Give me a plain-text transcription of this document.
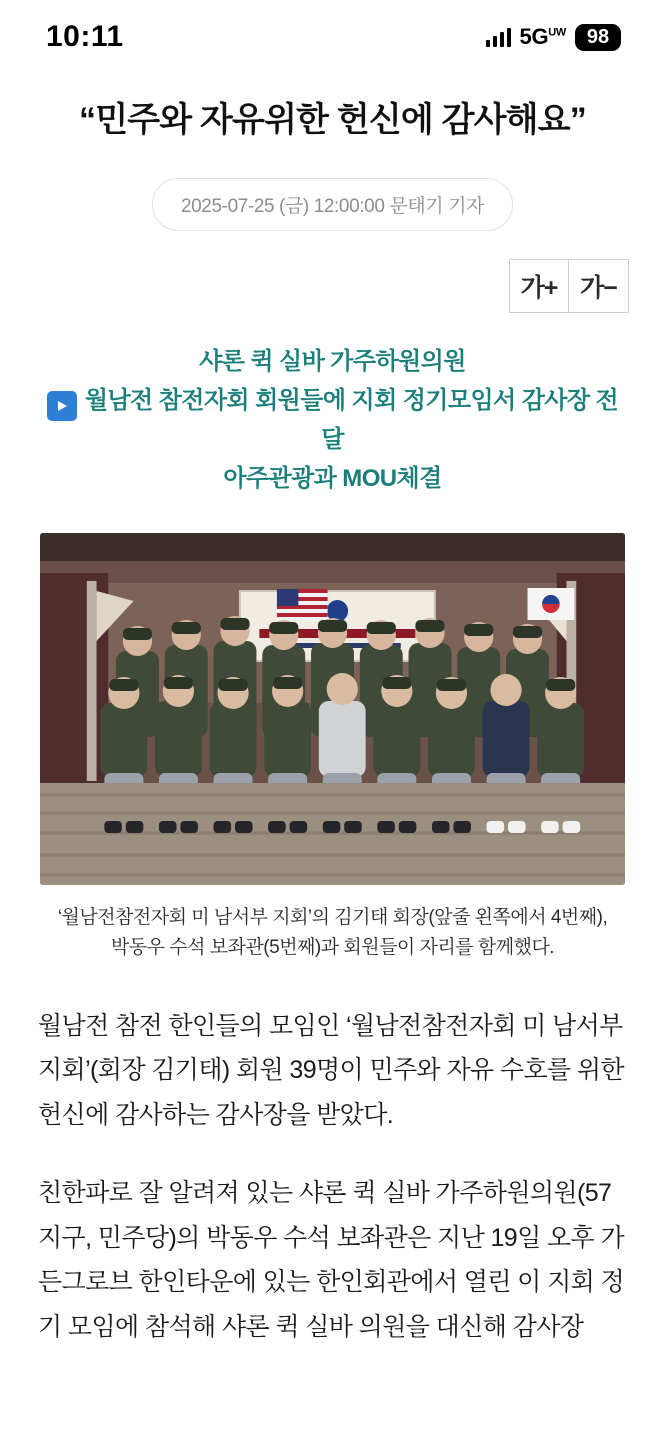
10:11	$5G^{UW}$	98
“민주와 자유위한 헌신에 감사해요”
2025-07-25 (금) 12:00:00 문태기 기자
가+ 가−
샤론 퀵 실바 가주하원의원
월남전 참전자회 회원들에 지회 정기모임서 감사장 전달
아주관광과 MOU체결
‘월남전참전자회 미 남서부 지회’의 김기태 회장(앞줄 왼쪽에서 4번째), 박동우 수석 보좌관(5번째)과 회원들이 자리를 함께했다.

월남전 참전 한인들의 모임인 ‘월남전참전자회 미 남서부 지회’(회장 김기태) 회원 39명이 민주와 자유 수호를 위한 헌신에 감사하는 감사장을 받았다.

친한파로 잘 알려져 있는 샤론 퀵 실바 가주하원의원(57지구, 민주당)의 박동우 수석 보좌관은 지난 19일 오후 가든그로브 한인타운에 있는 한인회관에서 열린 이 지회 정기 모임에 참석해 샤론 퀵 실바 의원을 대신해 감사장
